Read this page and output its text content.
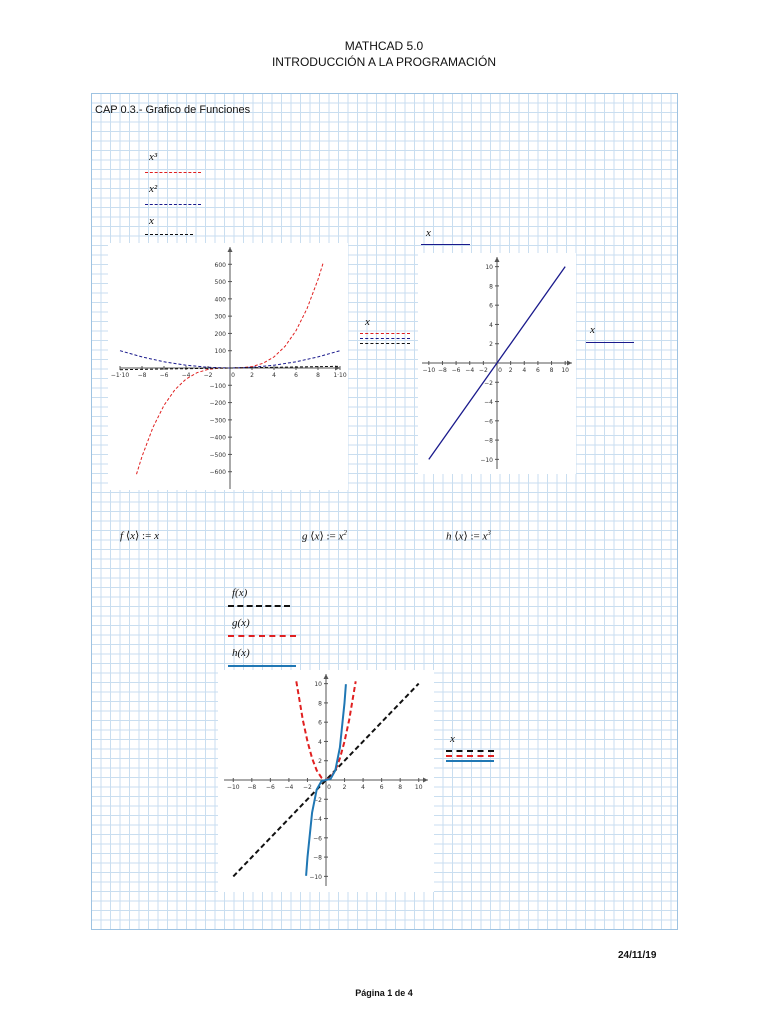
MATHCAD 5.0
INTRODUCCIÓN A LA PROGRAMACIÓN
CAP 0.3.- Grafico de Funciones
x³
x²
x
−1·10 −8 −6 −4 −2	0	2	4	6	8 1·10
−600
−500
−400
−300
−200
−100
100
200
300
400
500
600
x
x
−10 −8 −6 −4 −2 0 2 4 6 8 10
−10
−8
−6
−4
−2
2
4
6
8
10
x
f ⟨x⟩ := x	g ⟨x⟩ := $x^2$	h ⟨x⟩ := $x^3$
f(x)
g(x)
h(x)
−10 −8 −6 −4 −2	0 2 4 6 8 10
−10
−8
−6
−4
−2
2
4
6
8
10
x
24/11/19
Página 1 de 4
